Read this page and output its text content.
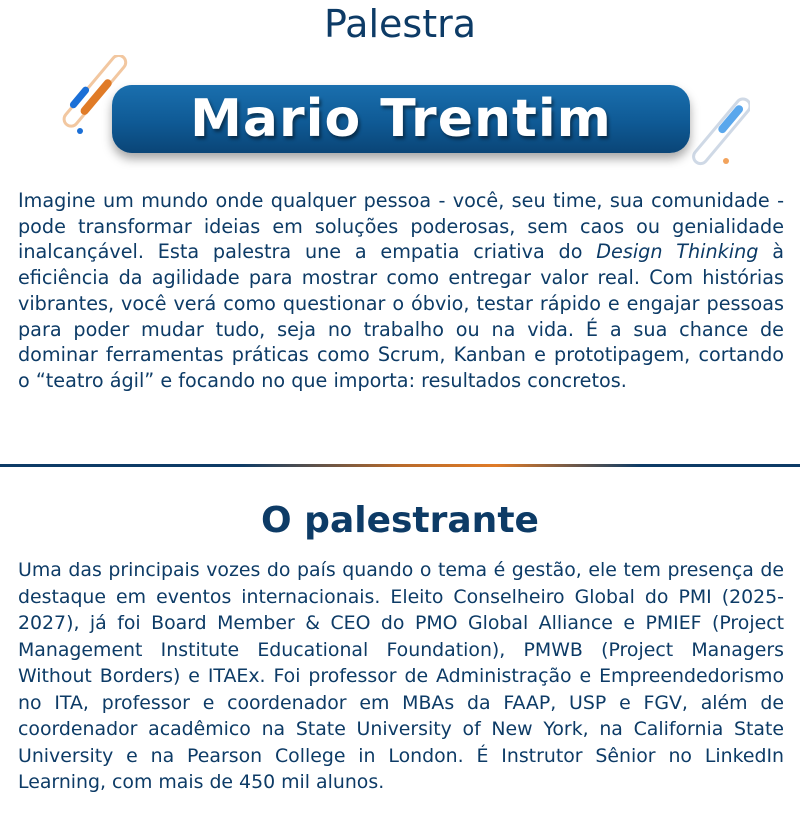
Palestra
Mario Trentim

Imagine um mundo onde qualquer pessoa - você, seu time, sua comunidade - pode transformar ideias em soluções poderosas, sem caos ou genialidade inalcançável. Esta palestra une a empatia criativa do Design Thinking à eficiência da agilidade para mostrar como entregar valor real. Com histórias vibrantes, você verá como questionar o óbvio, testar rápido e engajar pessoas para poder mudar tudo, seja no trabalho ou na vida. É a sua chance de dominar ferramentas práticas como Scrum, Kanban e prototipagem, cortando o “teatro ágil” e focando no que importa: resultados concretos.

O palestrante

Uma das principais vozes do país quando o tema é gestão, ele tem presença de destaque em eventos internacionais. Eleito Conselheiro Global do PMI (2025-2027), já foi Board Member & CEO do PMO Global Alliance e PMIEF (Project Management Institute Educational Foundation), PMWB (Project Managers Without Borders) e ITAEx. Foi professor de Administração e Empreendedorismo no ITA, professor e coordenador em MBAs da FAAP, USP e FGV, além de coordenador acadêmico na State University of New York, na California State University e na Pearson College in London. É Instrutor Sênior no LinkedIn Learning, com mais de 450 mil alunos.
